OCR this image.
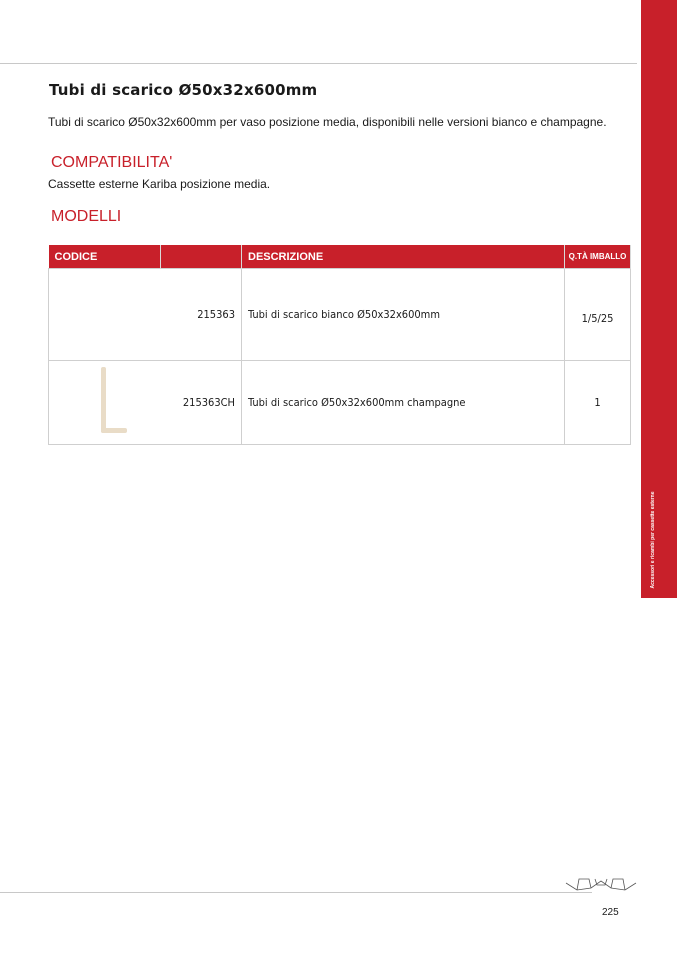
Accessori e ricambi per cassette esterne
Tubi di scarico Ø50x32x600mm
Tubi di scarico Ø50x32x600mm per vaso posizione media, disponibili nelle versioni bianco e champagne.
COMPATIBILITA'
Cassette esterne Kariba posizione media.
MODELLI
CODICE		DESCRIZIONE	Q.TÀ IMBALLO
	215363	Tubi di scarico bianco Ø50x32x600mm	1/5/25

	215363CH	Tubi di scarico Ø50x32x600mm champagne	1
225
